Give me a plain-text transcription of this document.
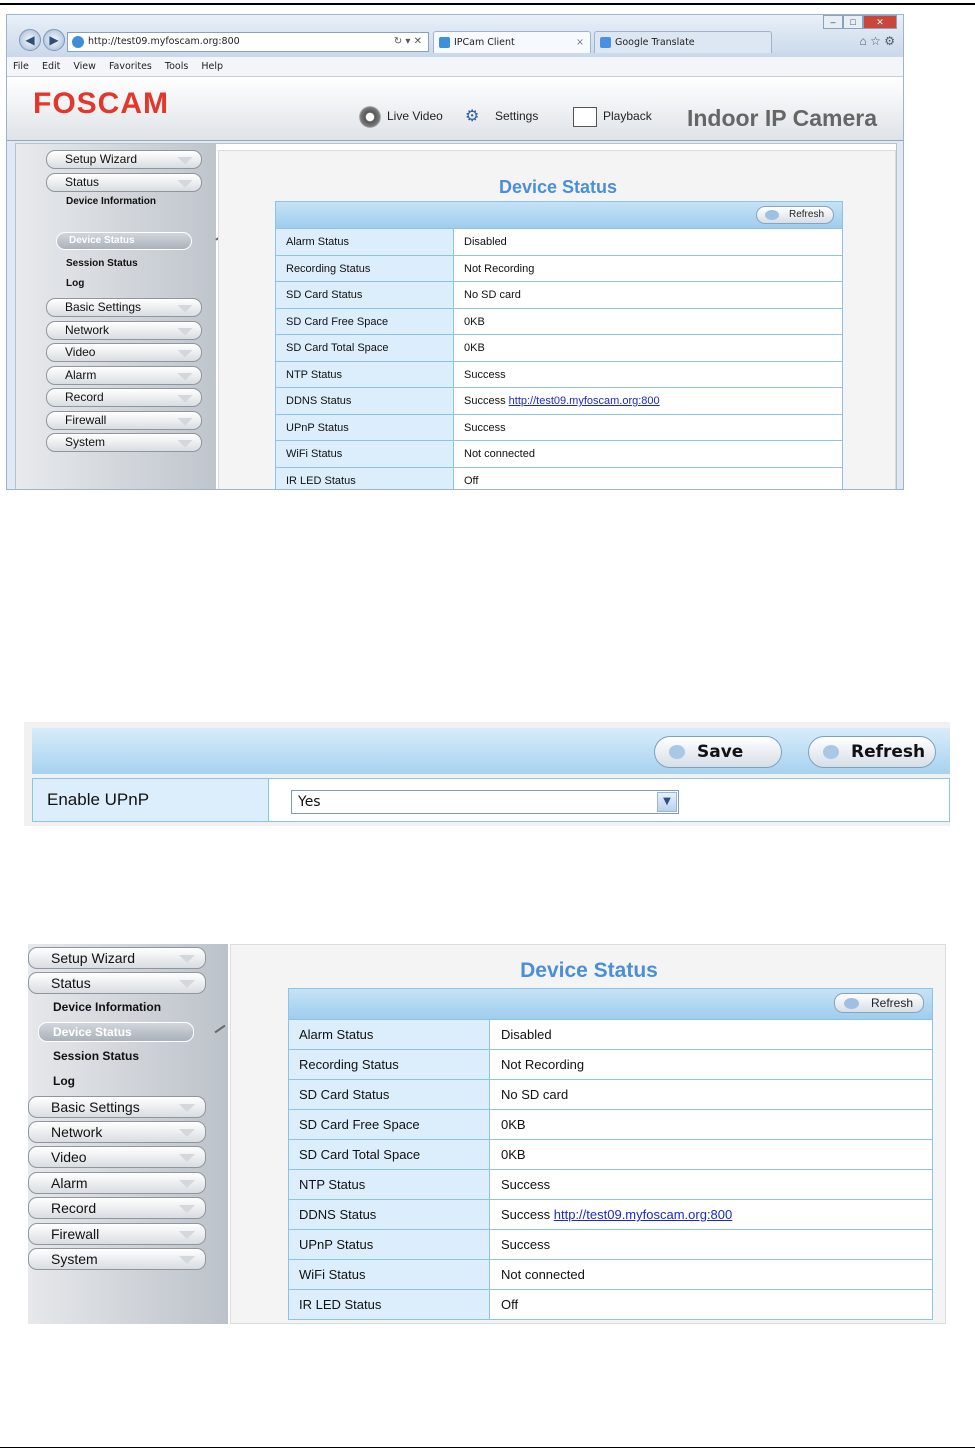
◀	▶	http://test09.myfoscam.org:800	↻ ▾ ✕	IPCam Client	×	Google Translate
– □ ✕
⌂ ☆ ⚙
File Edit View Favorites Tools Help
FOSCAM	Live Video ⚙ Settings	Playback Indoor IP Camera
Setup Wizard
Status
Device Information
Device Status
Session Status
Log
Basic Settings
Network
Video
Alarm
Record
Firewall
System
Device Status
Refresh
Alarm Status	Disabled
Recording Status	Not Recording
SD Card Status	No SD card
SD Card Free Space	0KB
SD Card Total Space	0KB
NTP Status	Success
DDNS Status	Success http://test09.myfoscam.org:800
UPnP Status	Success
WiFi Status	Not connected
IR LED Status	Off
Save	Refresh
Enable UPnP	Yes	▼
Setup Wizard
Status
Device Information
Device Status
Session Status
Log
Basic Settings
Network
Video
Alarm
Record
Firewall
System
Device Status
Refresh
Alarm Status	Disabled
Recording Status	Not Recording
SD Card Status	No SD card
SD Card Free Space	0KB
SD Card Total Space	0KB
NTP Status	Success
DDNS Status	Success http://test09.myfoscam.org:800
UPnP Status	Success
WiFi Status	Not connected
IR LED Status	Off
